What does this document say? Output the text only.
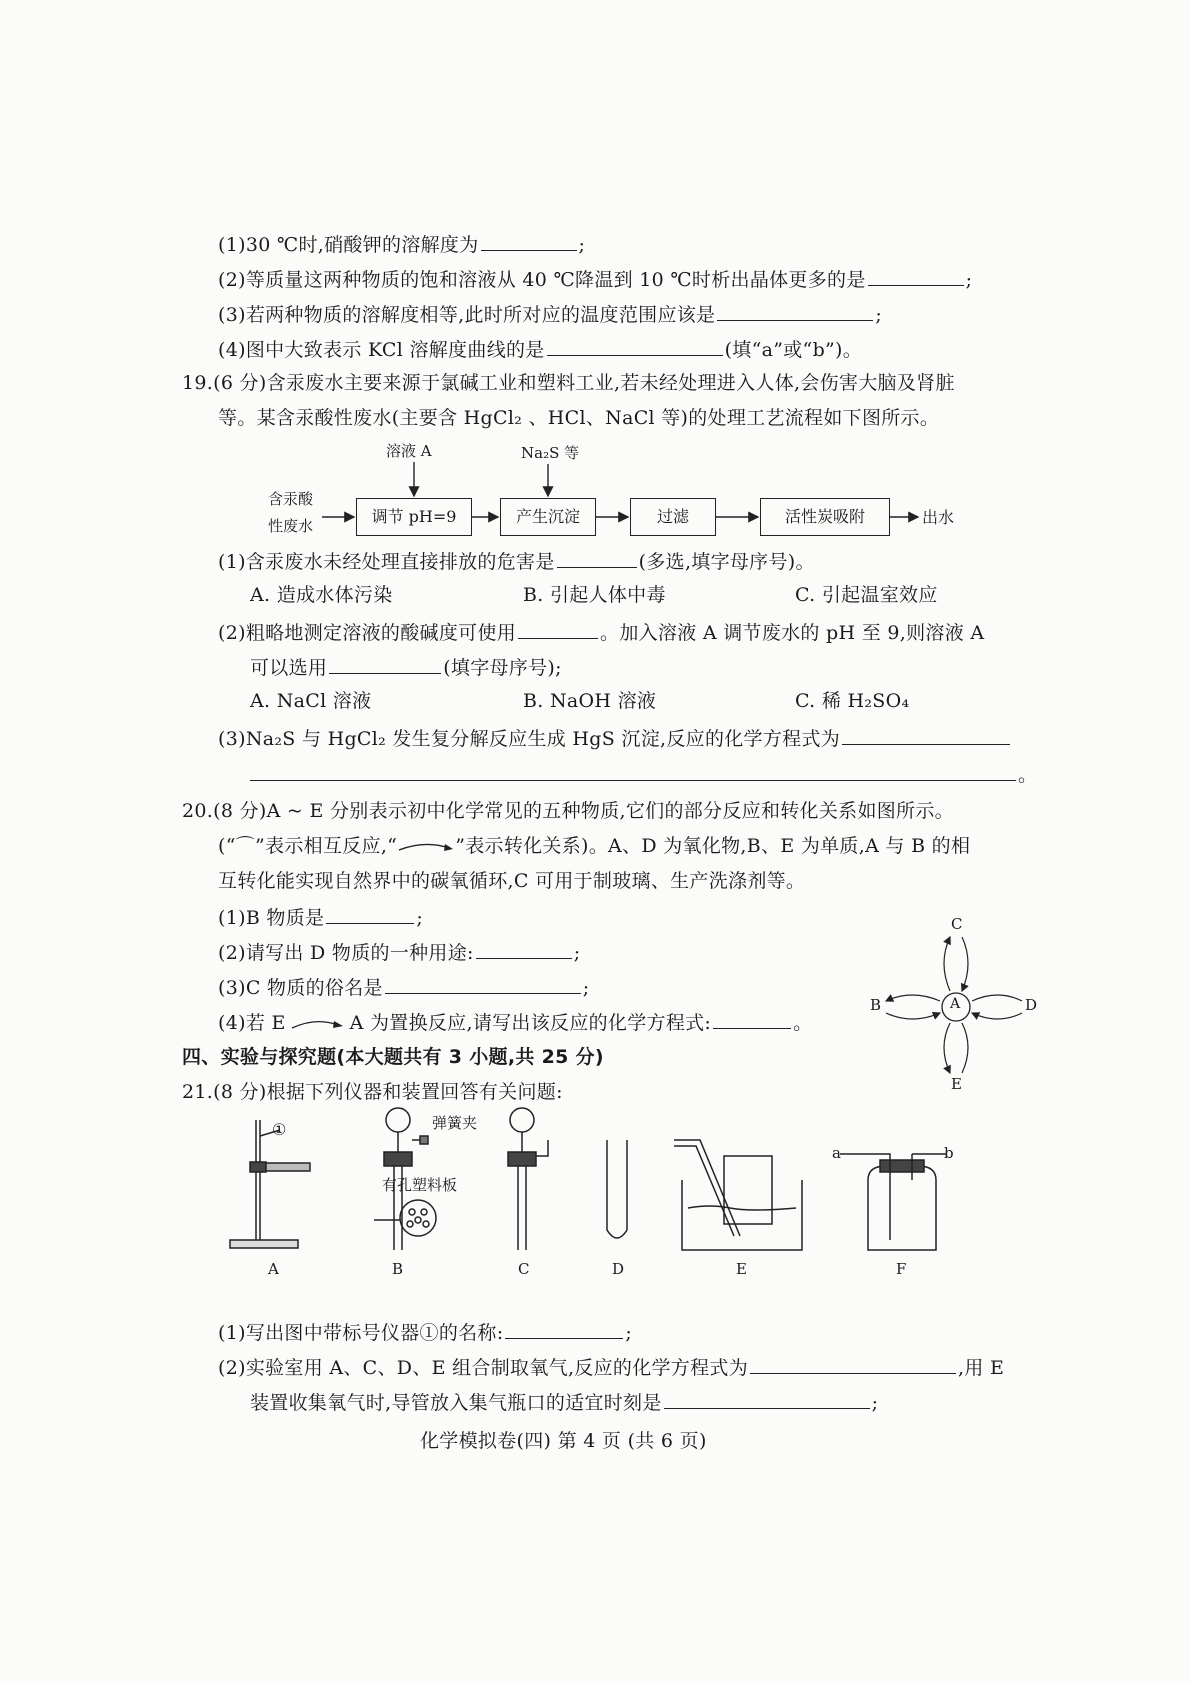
(1)30 ℃时,硝酸钾的溶解度为	;
(2)等质量这两种物质的饱和溶液从 40 ℃降温到 10 ℃时析出晶体更多的是	;
(3)若两种物质的溶解度相等,此时所对应的温度范围应该是	;
(4)图中大致表示 KCl 溶解度曲线的是	(填“a”或“b”)。
19.(6 分)含汞废水主要来源于氯碱工业和塑料工业,若未经处理进入人体,会伤害大脑及肾脏
等。某含汞酸性废水(主要含 HgCl₂ 、HCl、NaCl 等)的处理工艺流程如下图所示。
含汞酸
性废水
溶液 A	Na₂S 等
调节 pH=9	产生沉淀	过滤	活性炭吸附	出水
(1)含汞废水未经处理直接排放的危害是	(多选,填字母序号)。
A. 造成水体污染	B. 引起人体中毒	C. 引起温室效应
(2)粗略地测定溶液的酸碱度可使用	。加入溶液 A 调节废水的 pH 至 9,则溶液 A
可以选用	(填字母序号);
A. NaCl 溶液	B. NaOH 溶液	C. 稀 H₂SO₄
(3)Na₂S 与 HgCl₂ 发生复分解反应生成 HgS 沉淀,反应的化学方程式为
。
20.(8 分)A ~ E 分别表示初中化学常见的五种物质,它们的部分反应和转化关系如图所示。
(“⌒”表示相互反应,“	”表示转化关系)。A、D 为氧化物,B、E 为单质,A 与 B 的相
互转化能实现自然界中的碳氧循环,C 可用于制玻璃、生产洗涤剂等。
(1)B 物质是	;
(2)请写出 D 物质的一种用途:	;
(3)C 物质的俗名是	;
(4)若 E	A 为置换反应,请写出该反应的化学方程式:	。
C
B	D
E
A
四、实验与探究题(本大题共有 3 小题,共 25 分)
21.(8 分)根据下列仪器和装置回答有关问题:
①	弹簧夹
有孔塑料板
a	b
A	B	C	D	E	F
(1)写出图中带标号仪器①的名称:	;
(2)实验室用 A、C、D、E 组合制取氧气,反应的化学方程式为	,用 E
装置收集氧气时,导管放入集气瓶口的适宜时刻是	;
化学模拟卷(四) 第 4 页 (共 6 页)
